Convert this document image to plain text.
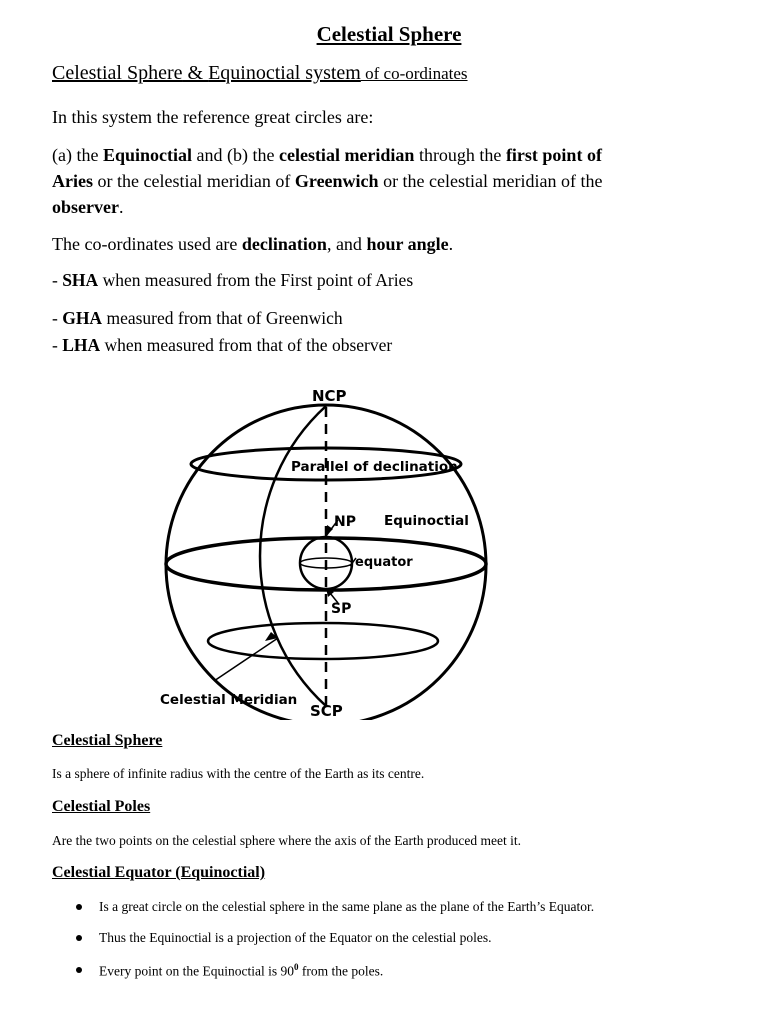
Celestial Sphere
Celestial Sphere & Equinoctial system of co-ordinates
In this system the reference great circles are:
(a) the Equinoctial and (b) the celestial meridian through the first point of
Aries or the celestial meridian of Greenwich or the celestial meridian of the
observer.
The co-ordinates used are declination, and hour angle.
- SHA when measured from the First point of Aries
- GHA measured from that of Greenwich
- LHA when measured from that of the observer
NCP
SCP
Parallel of declination
NP Equinoctial
equator
SP
Celestial Meridian
Celestial Sphere
Is a sphere of infinite radius with the centre of the Earth as its centre.
Celestial Poles
Are the two points on the celestial sphere where the axis of the Earth produced meet it.
Celestial Equator (Equinoctial)
Is a great circle on the celestial sphere in the same plane as the plane of the Earth’s Equator.
Thus the Equinoctial is a projection of the Equator on the celestial poles.
Every point on the Equinoctial is $90^0$ from the poles.
